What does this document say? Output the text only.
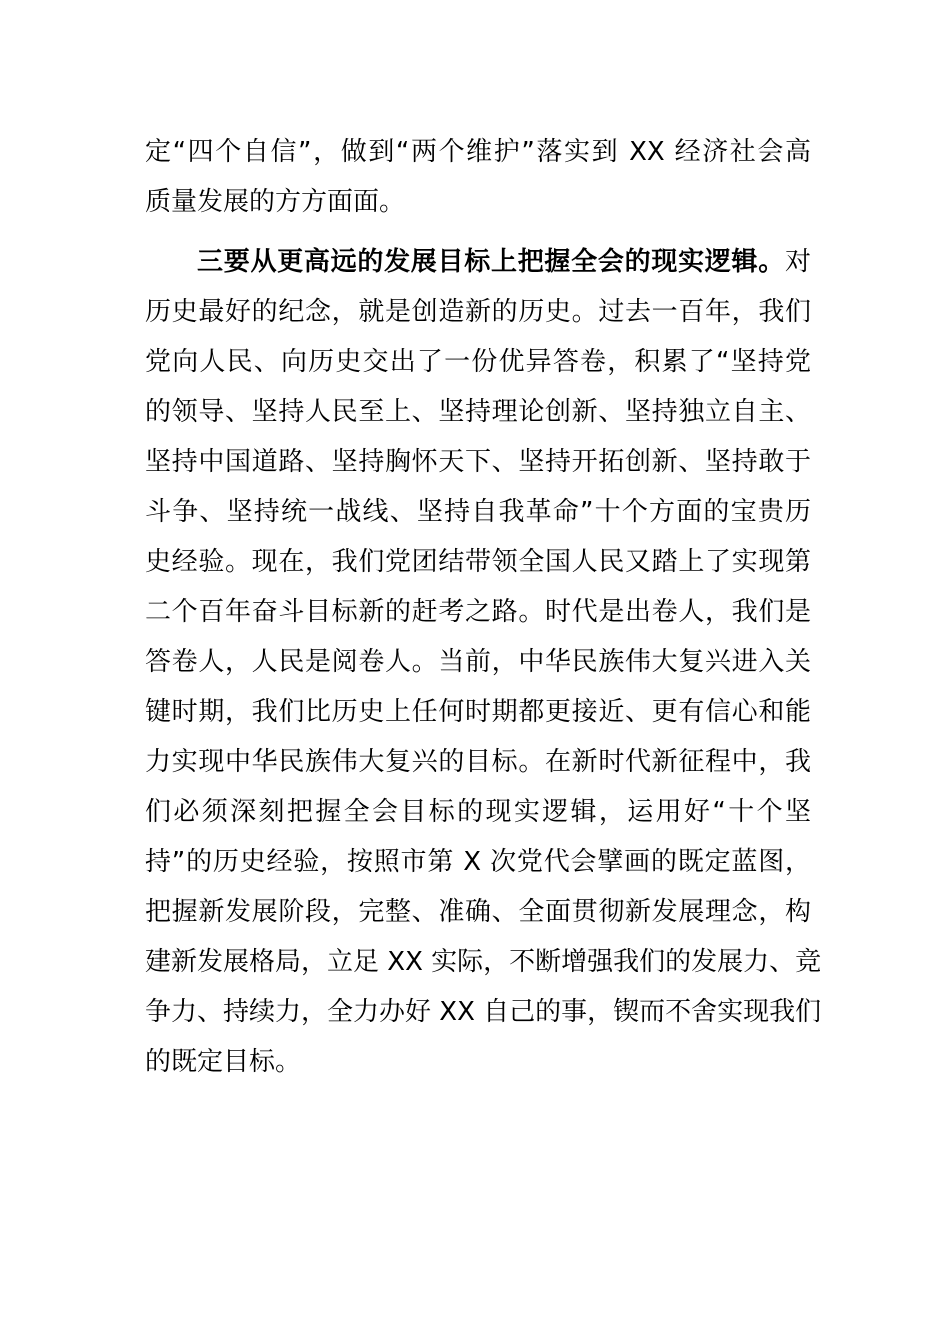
定“四个自信”，做到“两个维护”落实到 XX 经济社会高
质量发展的方方面面。
三要从更高远的发展目标上把握全会的现实逻辑。对
历史最好的纪念，就是创造新的历史。过去一百年，我们
党向人民、向历史交出了一份优异答卷，积累了“坚持党
的领导、坚持人民至上、坚持理论创新、坚持独立自主、
坚持中国道路、坚持胸怀天下、坚持开拓创新、坚持敢于
斗争、坚持统一战线、坚持自我革命”十个方面的宝贵历
史经验。现在，我们党团结带领全国人民又踏上了实现第
二个百年奋斗目标新的赶考之路。时代是出卷人，我们是
答卷人，人民是阅卷人。当前，中华民族伟大复兴进入关
键时期，我们比历史上任何时期都更接近、更有信心和能
力实现中华民族伟大复兴的目标。在新时代新征程中，我
们必须深刻把握全会目标的现实逻辑，运用好“十个坚
持”的历史经验，按照市第 X 次党代会擘画的既定蓝图，
把握新发展阶段，完整、准确、全面贯彻新发展理念，构
建新发展格局，立足 XX 实际，不断增强我们的发展力、竞
争力、持续力，全力办好 XX 自己的事，锲而不舍实现我们
的既定目标。
